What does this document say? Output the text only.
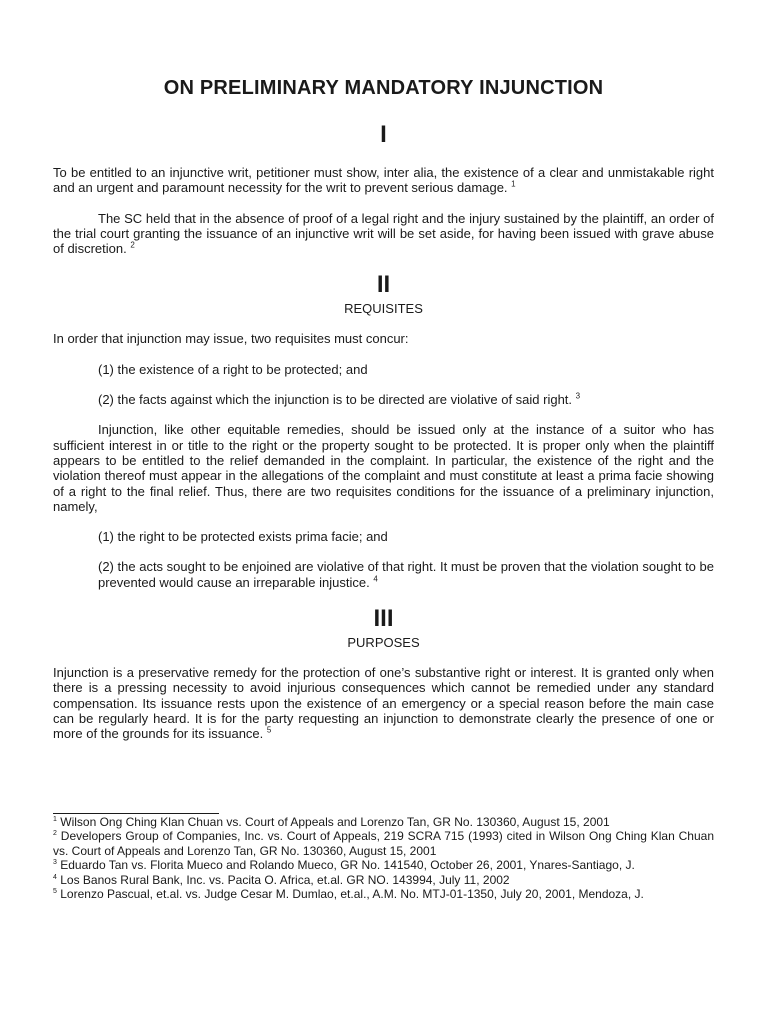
ON PRELIMINARY MANDATORY INJUNCTION
I

To be entitled to an injunctive writ, petitioner must show, inter alia, the existence of a clear and unmistakable right and an urgent and paramount necessity for the writ to prevent serious damage. $^1$

The SC held that in the absence of proof of a legal right and the injury sustained by the plaintiff, an order of the trial court granting the issuance of an injunctive writ will be set aside, for having been issued with grave abuse of discretion. $^2$

II
REQUISITES

In order that injunction may issue, two requisites must concur:

(1) the existence of a right to be protected; and

(2) the facts against which the injunction is to be directed are violative of said right. $^3$

Injunction, like other equitable remedies, should be issued only at the instance of a suitor who has sufficient interest in or title to the right or the property sought to be protected. It is proper only when the plaintiff appears to be entitled to the relief demanded in the complaint. In particular, the existence of the right and the violation thereof must appear in the allegations of the complaint and must constitute at least a prima facie showing of a right to the final relief. Thus, there are two requisites conditions for the issuance of a preliminary injunction, namely,

(1) the right to be protected exists prima facie; and

(2) the acts sought to be enjoined are violative of that right. It must be proven that the violation sought to be prevented would cause an irreparable injustice. $^4$

III
PURPOSES

Injunction is a preservative remedy for the protection of one’s substantive right or interest. It is granted only when there is a pressing necessity to avoid injurious consequences which cannot be remedied under any standard compensation. Its issuance rests upon the existence of an emergency or a special reason before the main case can be regularly heard. It is for the party requesting an injunction to demonstrate clearly the presence of one or more of the grounds for its issuance. $^5$

$^1$ Wilson Ong Ching Klan Chuan vs. Court of Appeals and Lorenzo Tan, GR No. 130360, August 15, 2001

$^2$ Developers Group of Companies, Inc. vs. Court of Appeals, 219 SCRA 715 (1993) cited in Wilson Ong Ching Klan Chuan vs. Court of Appeals and Lorenzo Tan, GR No. 130360, August 15, 2001

$^3$ Eduardo Tan vs. Florita Mueco and Rolando Mueco, GR No. 141540, October 26, 2001, Ynares-Santiago, J.

$^4$ Los Banos Rural Bank, Inc. vs. Pacita O. Africa, et.al. GR NO. 143994, July 11, 2002

$^5$ Lorenzo Pascual, et.al. vs. Judge Cesar M. Dumlao, et.al., A.M. No. MTJ-01-1350, July 20, 2001, Mendoza, J.
